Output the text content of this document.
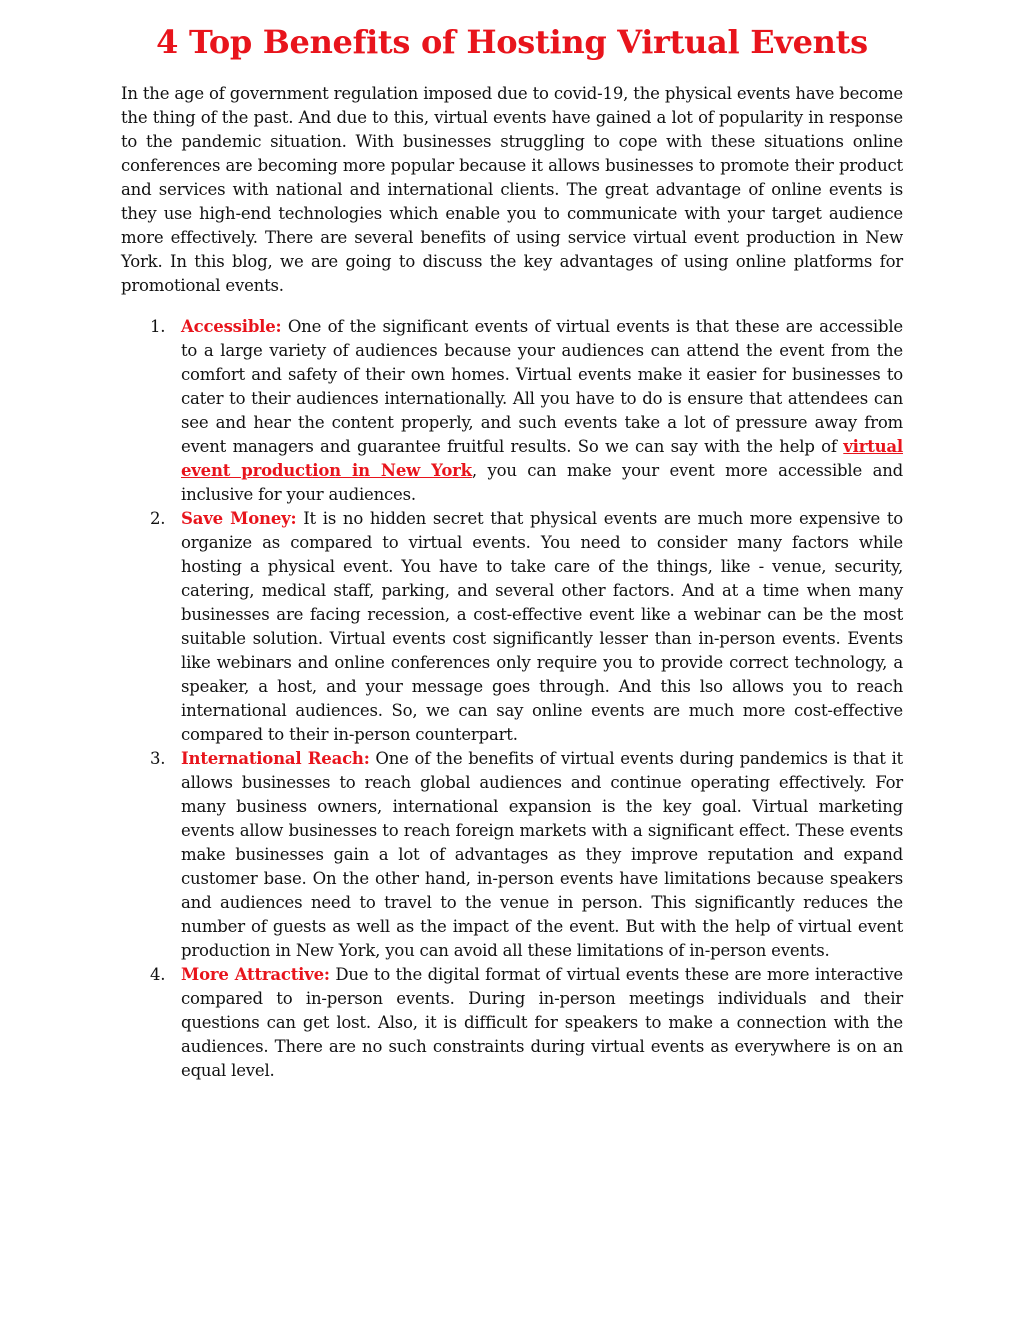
4 Top Benefits of Hosting Virtual Events

In the age of government regulation imposed due to covid-19, the physical events have become the thing of the past. And due to this, virtual events have gained a lot of popularity in response to the pandemic situation. With businesses struggling to cope with these situations online conferences are becoming more popular because it allows businesses to promote their product and services with national and international clients. The great advantage of online events is they use high-end technologies which enable you to communicate with your target audience more effectively. There are several benefits of using service virtual event production in New York. In this blog, we are going to discuss the key advantages of using online platforms for promotional events.

1. Accessible: One of the significant events of virtual events is that these are accessible to a large variety of audiences because your audiences can attend the event from the comfort and safety of their own homes. Virtual events make it easier for businesses to cater to their audiences internationally. All you have to do is ensure that attendees can see and hear the content properly, and such events take a lot of pressure away from event managers and guarantee fruitful results. So we can say with the help of virtual event production in New York, you can make your event more accessible and inclusive for your audiences.
2. Save Money: It is no hidden secret that physical events are much more expensive to organize as compared to virtual events. You need to consider many factors while hosting a physical event. You have to take care of the things, like - venue, security, catering, medical staff, parking, and several other factors. And at a time when many businesses are facing recession, a cost-effective event like a webinar can be the most suitable solution. Virtual events cost significantly lesser than in-person events. Events like webinars and online conferences only require you to provide correct technology, a speaker, a host, and your message goes through. And this lso allows you to reach international audiences. So, we can say online events are much more cost-effective compared to their in-person counterpart.
3. International Reach: One of the benefits of virtual events during pandemics is that it allows businesses to reach global audiences and continue operating effectively. For many business owners, international expansion is the key goal. Virtual marketing events allow businesses to reach foreign markets with a significant effect. These events make businesses gain a lot of advantages as they improve reputation and expand customer base. On the other hand, in-person events have limitations because speakers and audiences need to travel to the venue in person. This significantly reduces the number of guests as well as the impact of the event. But with the help of virtual event production in New York, you can avoid all these limitations of in-person events.
4. More Attractive: Due to the digital format of virtual events these are more interactive compared to in-person events. During in-person meetings individuals and their questions can get lost. Also, it is difficult for speakers to make a connection with the audiences. There are no such constraints during virtual events as everywhere is on an equal level.
